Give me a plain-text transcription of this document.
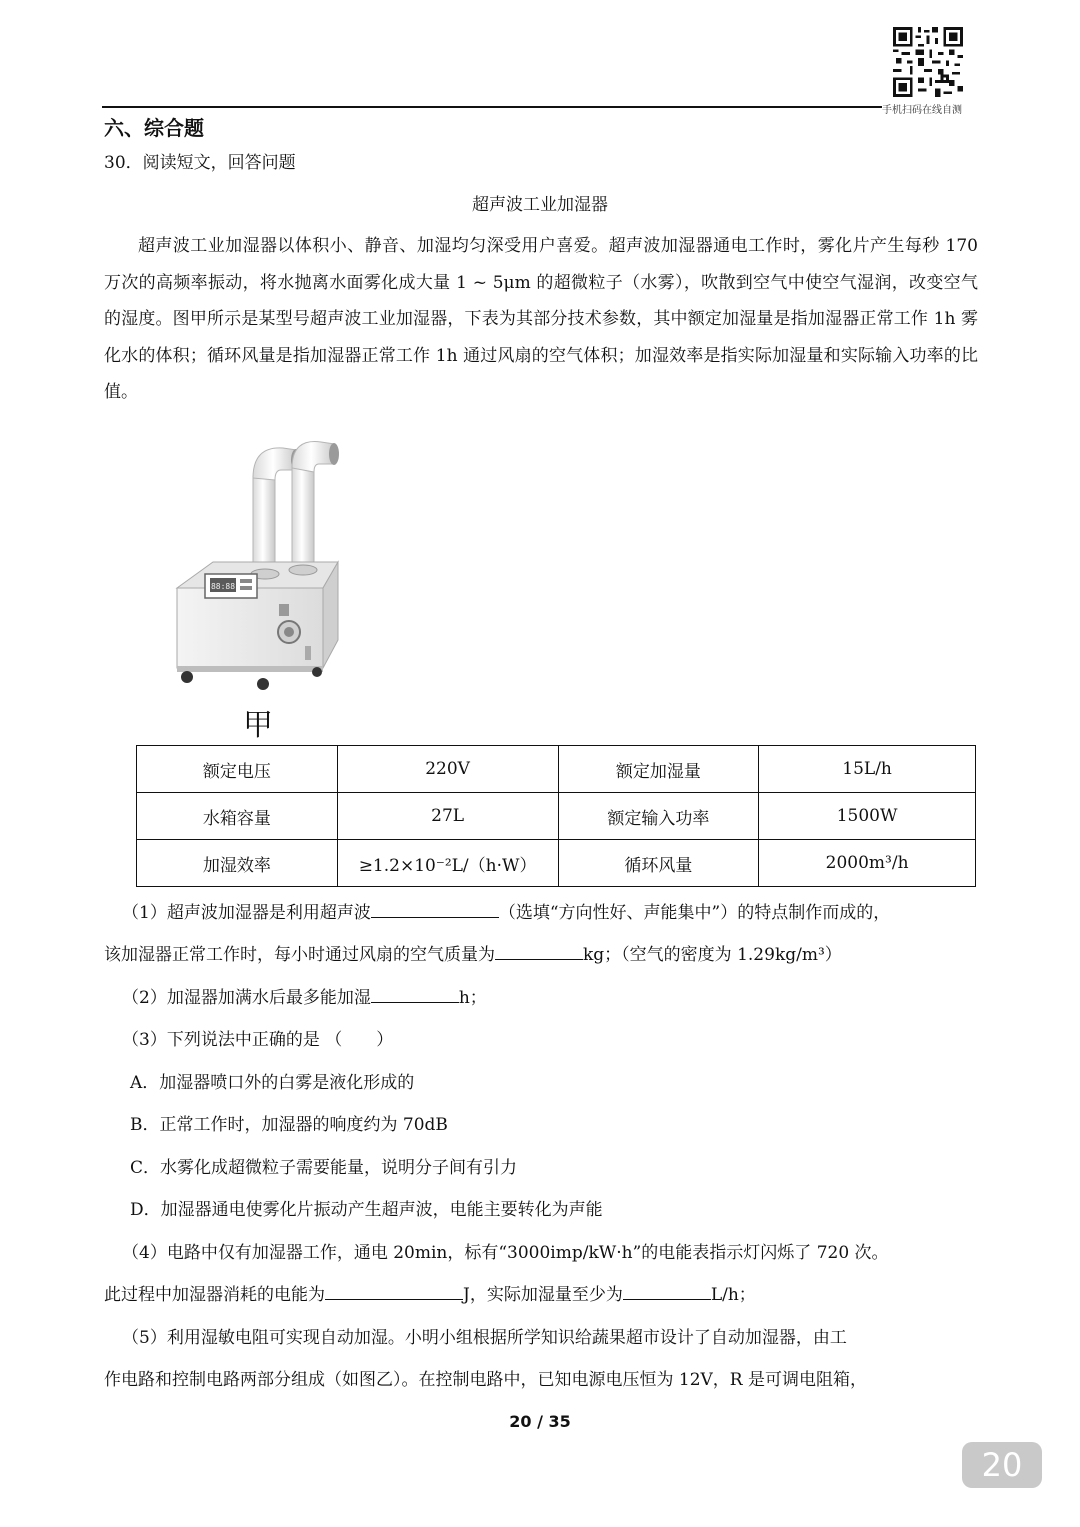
手机扫码在线自测
六、综合题
30．阅读短文，回答问题
超声波工业加湿器

超声波工业加湿器以体积小、静音、加湿均匀深受用户喜爱。超声波加湿器通电工作时，雾化片产生每秒 170 万次的高频率振动，将水抛离水面雾化成大量 1 ~ 5μm 的超微粒子（水雾），吹散到空气中使空气湿润，改变空气的湿度。图甲所示是某型号超声波工业加湿器，下表为其部分技术参数，其中额定加湿量是指加湿器正常工作 1h 雾化水的体积；循环风量是指加湿器正常工作 1h 通过风扇的空气体积；加湿效率是指实际加湿量和实际输入功率的比值。

88:88
甲
额定电压	220V	额定加湿量	15L/h
水箱容量	27L	额定输入功率	1500W
加湿效率	≥1.2×10⁻²L/（h·W）	循环风量	2000m³/h
（1）超声波加湿器是利用超声波	（选填“方向性好、声能集中”）的特点制作而成的，
该加湿器正常工作时，每小时通过风扇的空气质量为	kg；（空气的密度为 1.29kg/m³）
（2）加湿器加满水后最多能加湿	h；
（3）下列说法中正确的是 （　　）
A．加湿器喷口外的白雾是液化形成的
B．正常工作时，加湿器的响度约为 70dB
C．水雾化成超微粒子需要能量，说明分子间有引力
D．加湿器通电使雾化片振动产生超声波，电能主要转化为声能
（4）电路中仅有加湿器工作，通电 20min，标有“3000imp/kW·h”的电能表指示灯闪烁了 720 次。
此过程中加湿器消耗的电能为	J，实际加湿量至少为	L/h；
（5）利用湿敏电阻可实现自动加湿。小明小组根据所学知识给蔬果超市设计了自动加湿器，由工
作电路和控制电路两部分组成（如图乙）。在控制电路中，已知电源电压恒为 12V，R 是可调电阻箱，
20 / 35
20
